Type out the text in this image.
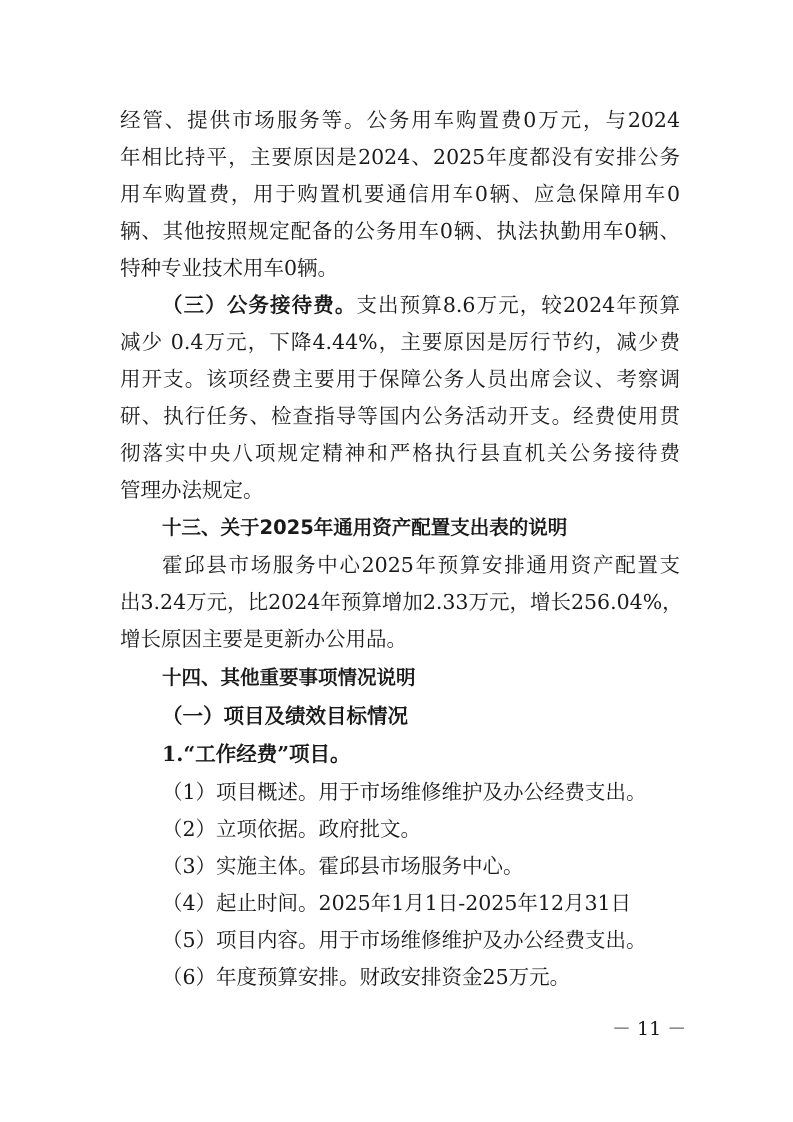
经管、提供市场服务等。公务用车购置费0万元，与2024
年相比持平，主要原因是2024、2025年度都没有安排公务
用车购置费，用于购置机要通信用车0辆、应急保障用车0
辆、其他按照规定配备的公务用车0辆、执法执勤用车0辆、
特种专业技术用车0辆。
（三）公务接待费。支出预算8.6万元，较2024年预算
减少 0.4万元，下降4.44%，主要原因是厉行节约，减少费
用开支。该项经费主要用于保障公务人员出席会议、考察调
研、执行任务、检查指导等国内公务活动开支。经费使用贯
彻落实中央八项规定精神和严格执行县直机关公务接待费
管理办法规定。
十三、关于2025年通用资产配置支出表的说明
霍邱县市场服务中心2025年预算安排通用资产配置支
出3.24万元，比2024年预算增加2.33万元，增长256.04%，
增长原因主要是更新办公用品。
十四、其他重要事项情况说明
（一）项目及绩效目标情况
1.“工作经费”项目。
（1）项目概述。用于市场维修维护及办公经费支出。
（2）立项依据。政府批文。
（3）实施主体。霍邱县市场服务中心。
（4）起止时间。2025年1月1日-2025年12月31日
（5）项目内容。用于市场维修维护及办公经费支出。
（6）年度预算安排。财政安排资金25万元。
－ 11 －
